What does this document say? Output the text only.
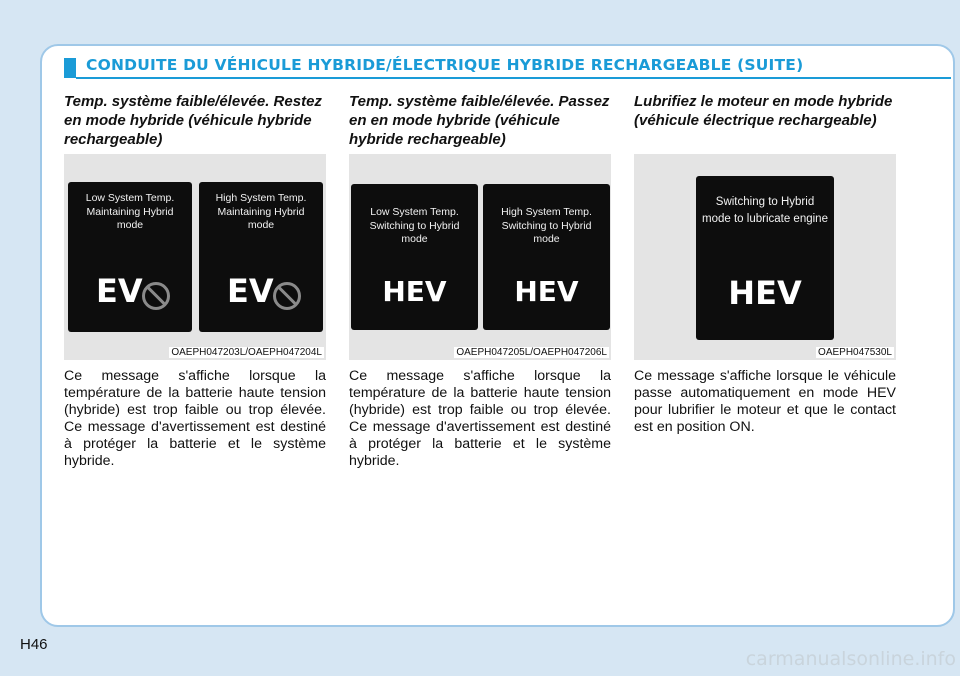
CONDUITE DU VÉHICULE HYBRIDE/ÉLECTRIQUE HYBRIDE RECHARGEABLE (SUITE)
Temp. système faible/élevée. Restez en mode hybride (véhicule hybride rechargeable)
Low System Temp. Maintaining Hybrid mode
EV
High System Temp. Maintaining Hybrid mode
EV
OAEPH047203L/OAEPH047204L

Ce message s'affiche lorsque la température de la batterie haute tension (hybride) est trop faible ou trop élevée. Ce message d'avertissement est destiné à protéger la batterie et le système hybride.

Temp. système faible/élevée. Passez en en mode hybride (véhicule hybride rechargeable)
Low System Temp. Switching to Hybrid mode
HEV
High System Temp. Switching to Hybrid mode
HEV
OAEPH047205L/OAEPH047206L

Ce message s'affiche lorsque la température de la batterie haute tension (hybride) est trop faible ou trop élevée. Ce message d'avertissement est destiné à protéger la batterie et le système hybride.

Lubrifiez le moteur en mode hybride (véhicule électrique rechargeable)
Switching to Hybrid mode to lubricate engine
HEV
OAEPH047530L

Ce message s'affiche lorsque le véhicule passe automatiquement en mode HEV pour lubrifier le moteur et que le contact est en position ON.

H46
carmanualsonline.info
